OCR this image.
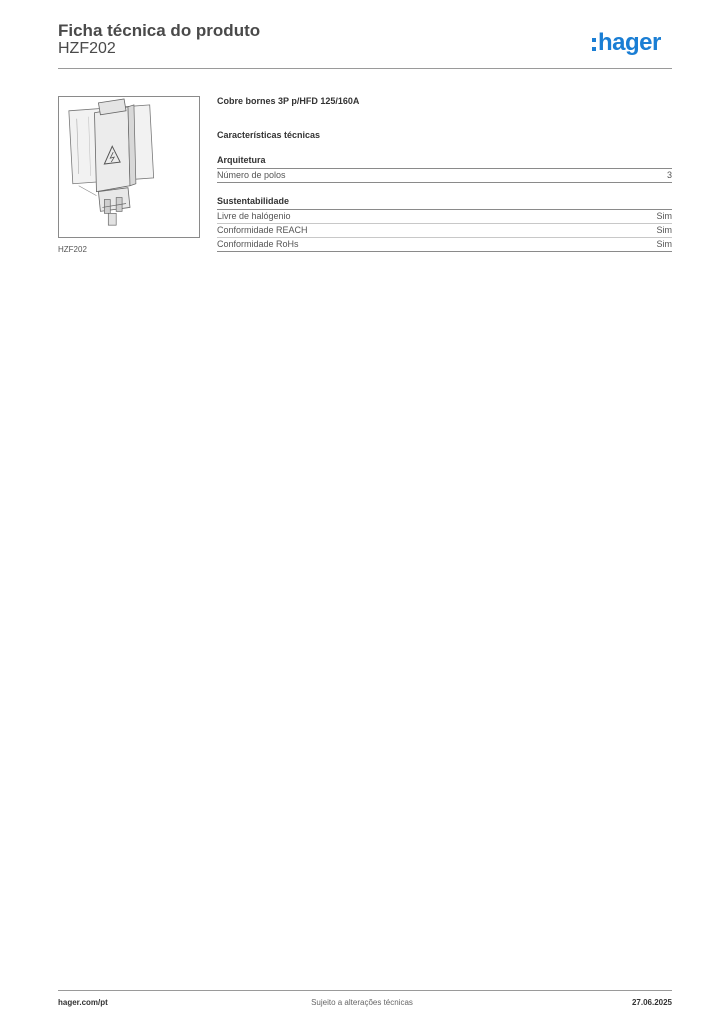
Ficha técnica do produto
HZF202	hager
HZF202
Cobre bornes 3P p/HFD 125/160A
Características técnicas
Arquitetura
Número de polos	3
Sustentabilidade
Livre de halógenio	Sim
Conformidade REACH	Sim
Conformidade RoHs	Sim
hager.com/pt	Sujeito a alterações técnicas	27.06.2025
